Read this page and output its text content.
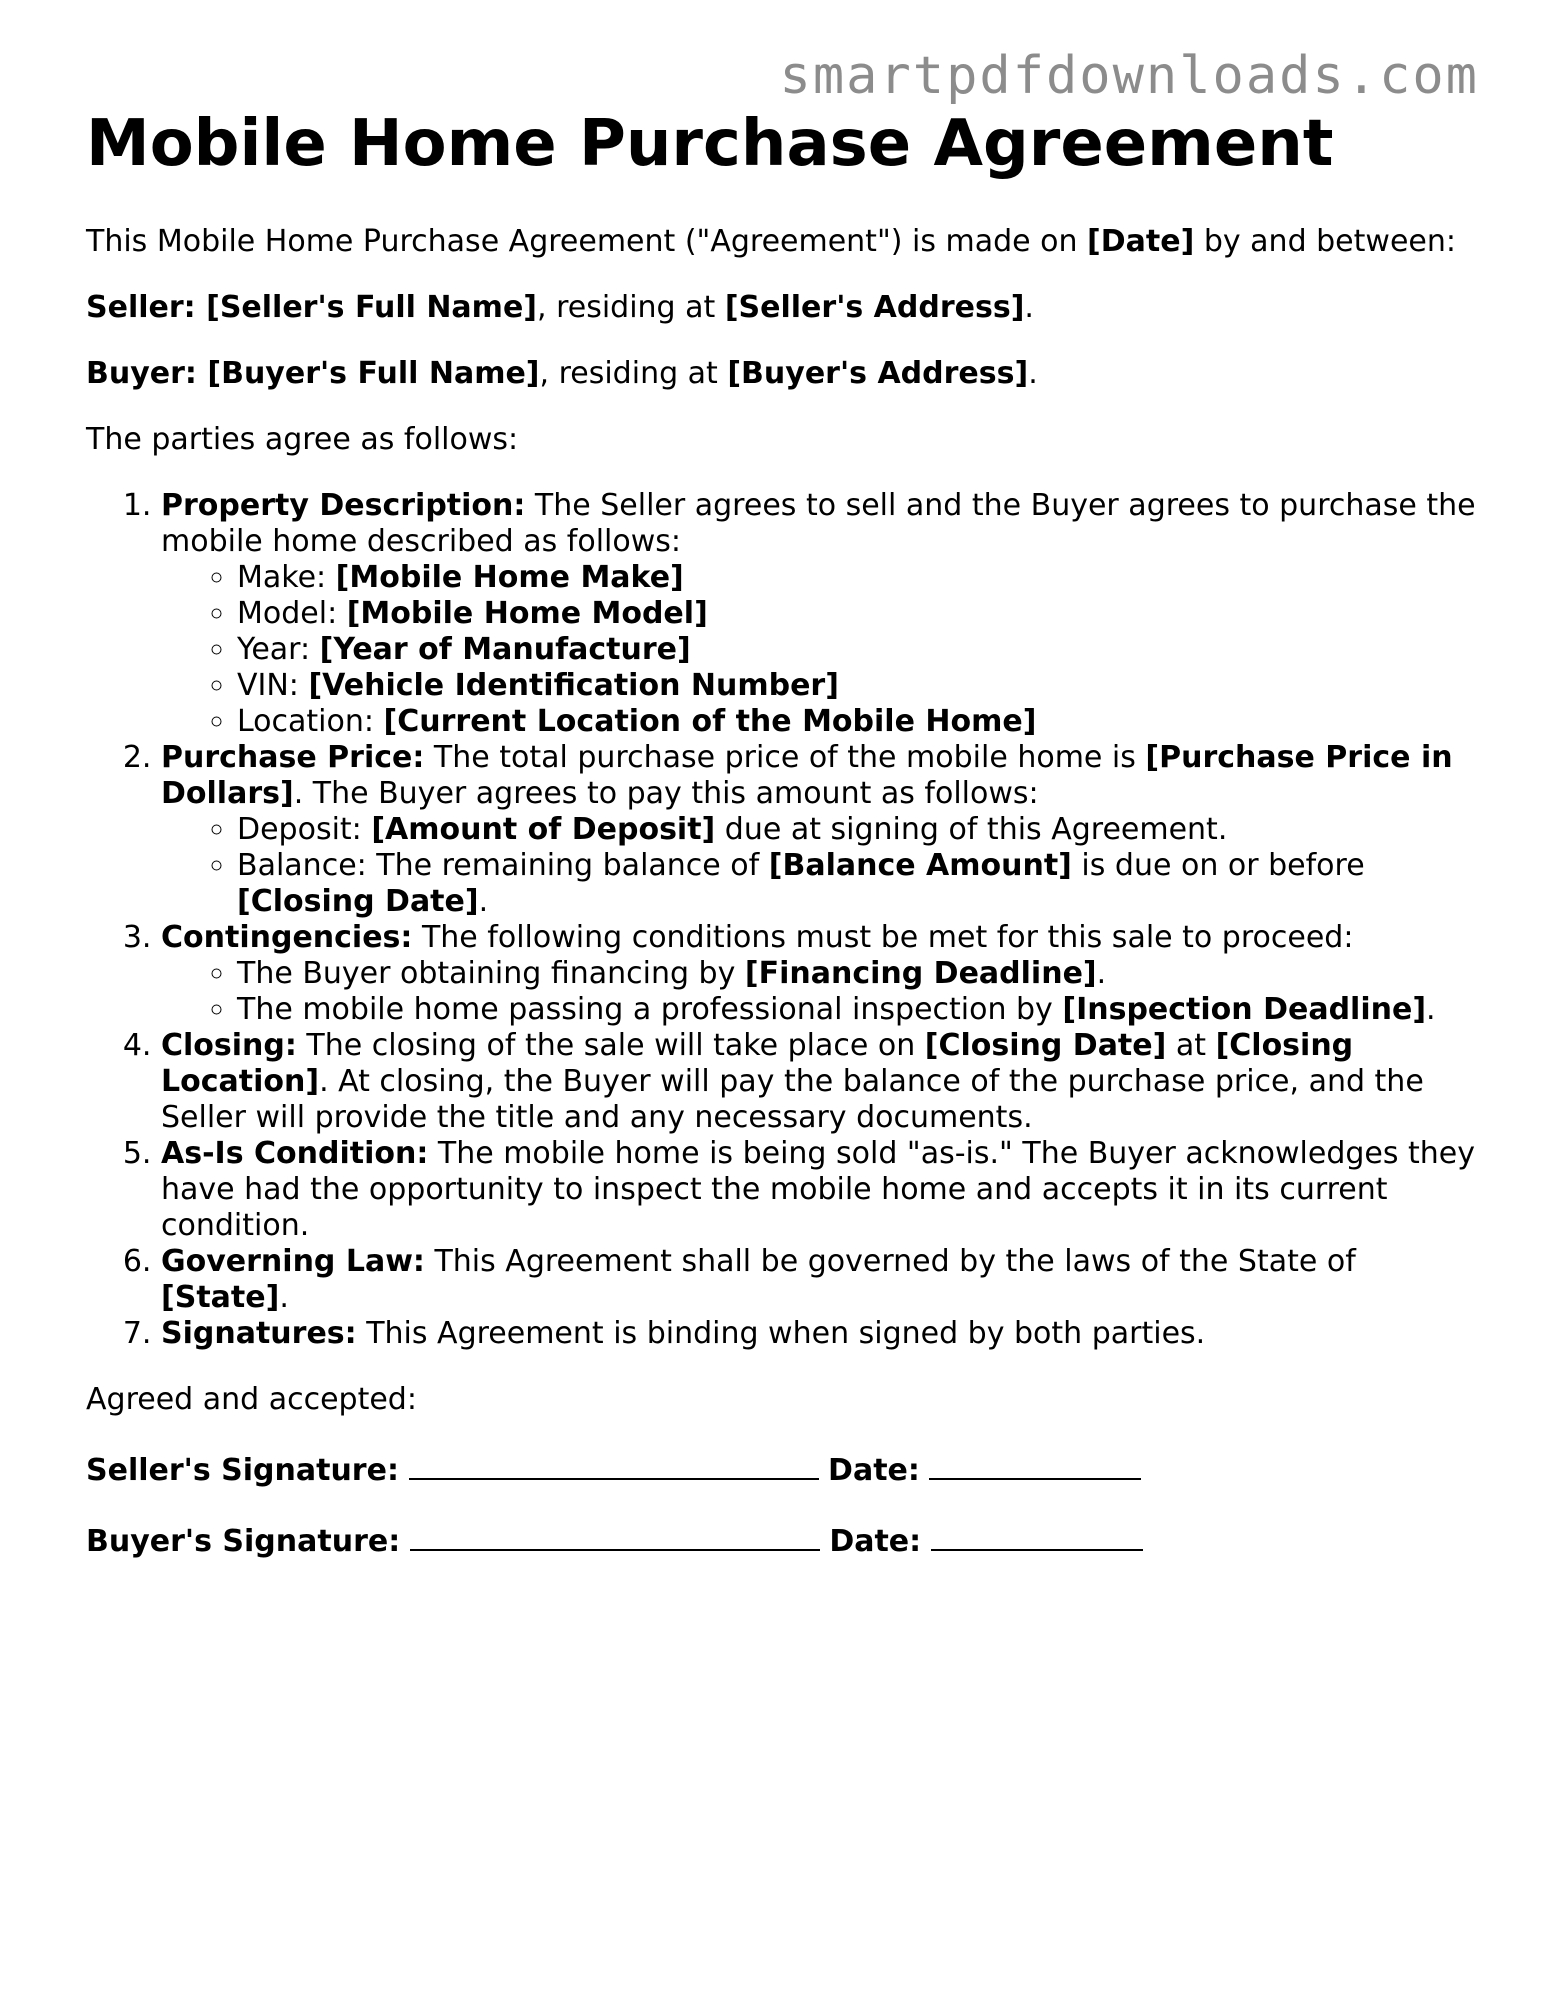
smartpdfdownloads.com
Mobile Home Purchase Agreement

This Mobile Home Purchase Agreement ("Agreement") is made on [Date] by and between:

Seller: [Seller's Full Name], residing at [Seller's Address].

Buyer: [Buyer's Full Name], residing at [Buyer's Address].

The parties agree as follows:

1. Property Description: The Seller agrees to sell and the Buyer agrees to purchase the mobile home described as follows:
◦ Make: [Mobile Home Make]
◦ Model: [Mobile Home Model]
◦ Year: [Year of Manufacture]
◦ VIN: [Vehicle Identification Number]
◦ Location: [Current Location of the Mobile Home]
2. Purchase Price: The total purchase price of the mobile home is [Purchase Price in Dollars]. The Buyer agrees to pay this amount as follows:
◦ Deposit: [Amount of Deposit] due at signing of this Agreement.
◦ Balance: The remaining balance of [Balance Amount] is due on or before [Closing Date].
3. Contingencies: The following conditions must be met for this sale to proceed:
◦ The Buyer obtaining financing by [Financing Deadline].
◦ The mobile home passing a professional inspection by [Inspection Deadline].
4. Closing: The closing of the sale will take place on [Closing Date] at [Closing Location]. At closing, the Buyer will pay the balance of the purchase price, and the Seller will provide the title and any necessary documents.
5. As-Is Condition: The mobile home is being sold "as-is." The Buyer acknowledges they have had the opportunity to inspect the mobile home and accepts it in its current condition.
6. Governing Law: This Agreement shall be governed by the laws of the State of [State].
7. Signatures: This Agreement is binding when signed by both parties.

Agreed and accepted:

Seller's Signature:	Date:

Buyer's Signature:	Date:
